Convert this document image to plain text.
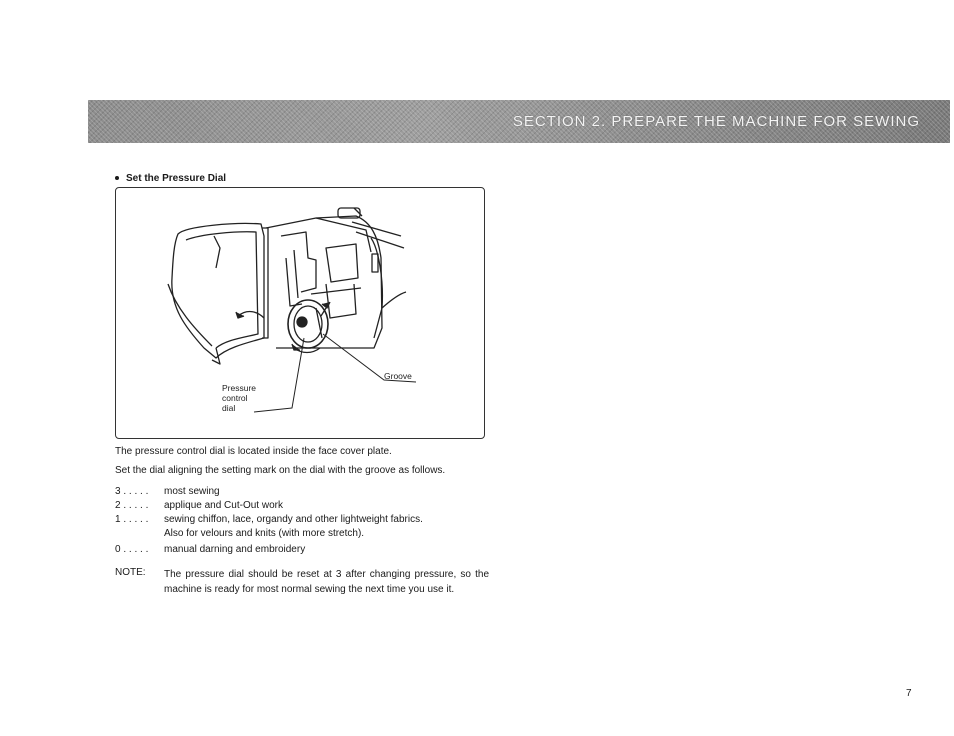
SECTION 2. PREPARE THE MACHINE FOR SEWING
Set the Pressure Dial
Groove
Pressure
control
dial
The pressure control dial is located inside the face cover plate.
Set the dial aligning the setting mark on the dial with the groove as follows.
3 . . . . . most sewing
2 . . . . . applique and Cut-Out work
1 . . . . . sewing chiffon, lace, organdy and other lightweight fabrics.
Also for velours and knits (with more stretch).
0 . . . . . manual darning and embroidery
NOTE: The pressure dial should be reset at 3 after changing pressure, so the machine is ready for most normal sewing the next time you use it.
7
